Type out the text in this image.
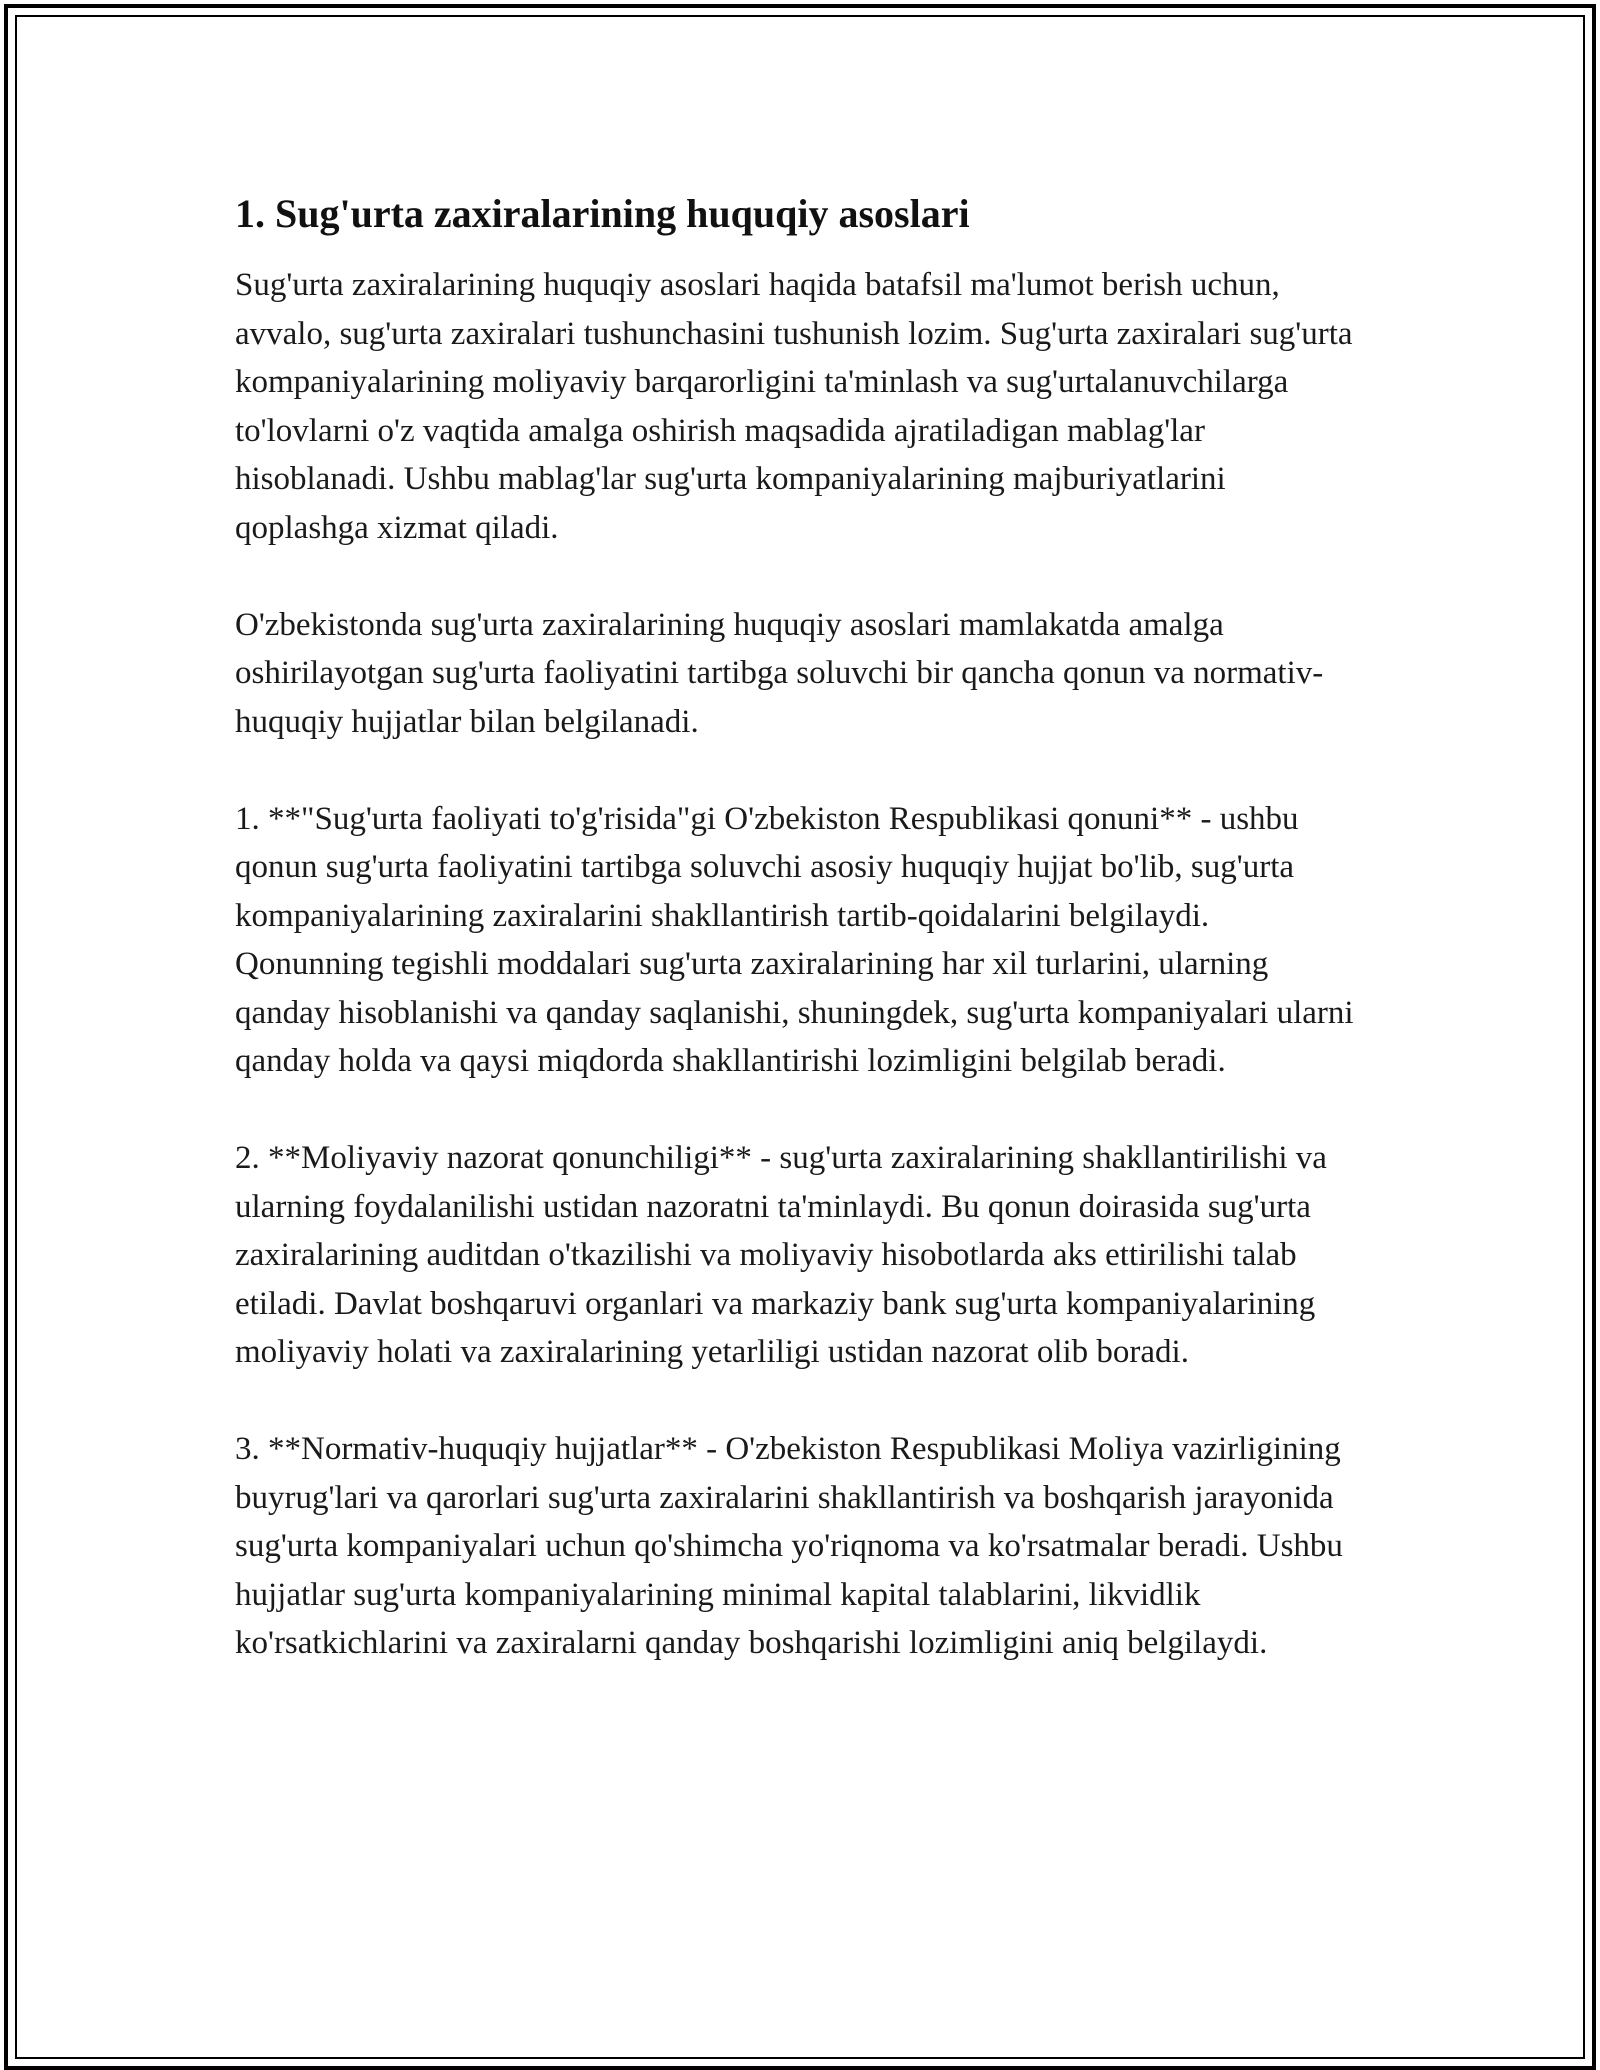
1. Sug'urta zaxiralarining huquqiy asoslari

Sug'urta zaxiralarining huquqiy asoslari haqida batafsil ma'lumot berish uchun, avvalo, sug'urta zaxiralari tushunchasini tushunish lozim. Sug'urta zaxiralari sug'urta kompaniyalarining moliyaviy barqarorligini ta'minlash va sug'urtalanuvchilarga to'lovlarni o'z vaqtida amalga oshirish maqsadida ajratiladigan mablag'lar hisoblanadi. Ushbu mablag'lar sug'urta kompaniyalarining majburiyatlarini qoplashga xizmat qiladi.

O'zbekistonda sug'urta zaxiralarining huquqiy asoslari mamlakatda amalga oshirilayotgan sug'urta faoliyatini tartibga soluvchi bir qancha qonun va normativ-huquqiy hujjatlar bilan belgilanadi.

1. **"Sug'urta faoliyati to'g'risida"gi O'zbekiston Respublikasi qonuni** - ushbu qonun sug'urta faoliyatini tartibga soluvchi asosiy huquqiy hujjat bo'lib, sug'urta kompaniyalarining zaxiralarini shakllantirish tartib-qoidalarini belgilaydi. Qonunning tegishli moddalari sug'urta zaxiralarining har xil turlarini, ularning qanday hisoblanishi va qanday saqlanishi, shuningdek, sug'urta kompaniyalari ularni qanday holda va qaysi miqdorda shakllantirishi lozimligini belgilab beradi.

2. **Moliyaviy nazorat qonunchiligi** - sug'urta zaxiralarining shakllantirilishi va ularning foydalanilishi ustidan nazoratni ta'minlaydi. Bu qonun doirasida sug'urta zaxiralarining auditdan o'tkazilishi va moliyaviy hisobotlarda aks ettirilishi talab etiladi. Davlat boshqaruvi organlari va markaziy bank sug'urta kompaniyalarining moliyaviy holati va zaxiralarining yetarliligi ustidan nazorat olib boradi.

3. **Normativ-huquqiy hujjatlar** - O'zbekiston Respublikasi Moliya vazirligining buyrug'lari va qarorlari sug'urta zaxiralarini shakllantirish va boshqarish jarayonida sug'urta kompaniyalari uchun qo'shimcha yo'riqnoma va ko'rsatmalar beradi. Ushbu hujjatlar sug'urta kompaniyalarining minimal kapital talablarini, likvidlik ko'rsatkichlarini va zaxiralarni qanday boshqarishi lozimligini aniq belgilaydi.
